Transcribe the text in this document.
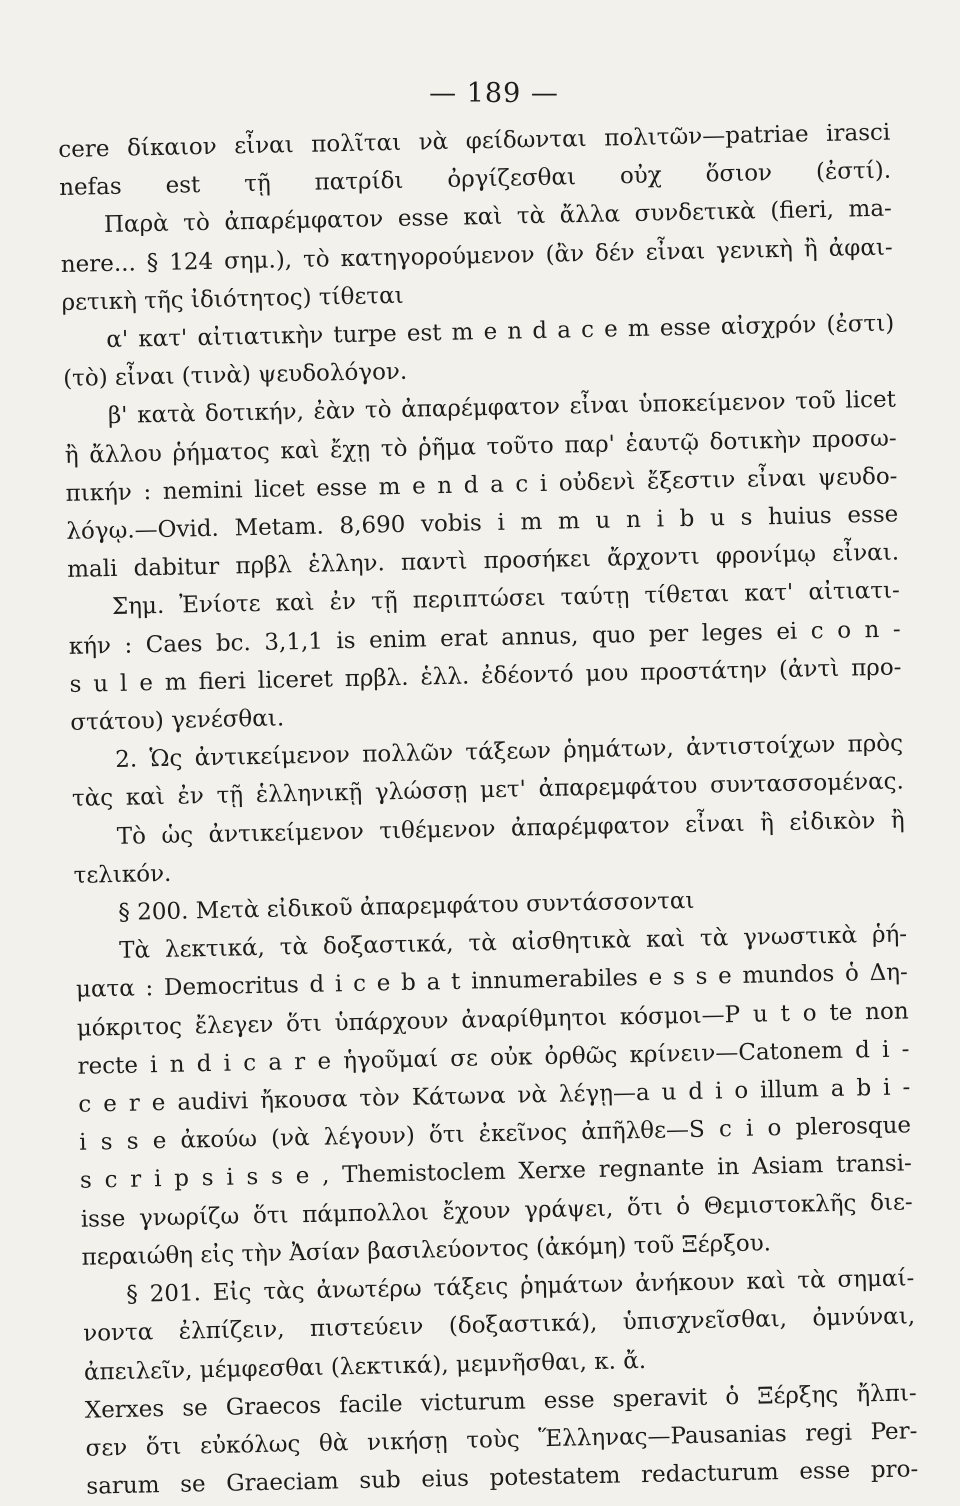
— 189 —
cere δίκαιον εἶναι πολῖται νὰ φείδωνται πολιτῶν—patriae irasci
nefas est τῇ πατρίδι ὀργίζεσθαι οὐχ ὅσιον (ἐστί).
Παρὰ τὸ ἀπαρέμφατον esse καὶ τὰ ἄλλα συνδετικὰ (fieri, ma-
nere... § 124 σημ.), τὸ κατηγορούμενον (ἂν δέν εἶναι γενικὴ ἢ ἀφαι-
ρετικὴ τῆς ἰδιότητος) τίθεται
α' κατ' αἰτιατικὴν turpe est m e n d a c e m esse αἰσχρόν (ἐστι)
(τὸ) εἶναι (τινὰ) ψευδολόγον.
β' κατὰ δοτικήν, ἐὰν τὸ ἀπαρέμφατον εἶναι ὑποκείμενον τοῦ licet
ἢ ἄλλου ῥήματος καὶ ἔχῃ τὸ ῥῆμα τοῦτο παρ' ἑαυτῷ δοτικὴν προσω-
πικήν : nemini licet esse m e n d a c i οὐδενὶ ἔξεστιν εἶναι ψευδο-
λόγῳ.—Ovid. Metam. 8,690 vobis i m m u n i b u s huius esse
mali dabitur πρβλ ἑλλην. παντὶ προσήκει ἄρχοντι φρονίμῳ εἶναι.
Σημ. Ἐνίοτε καὶ ἐν τῇ περιπτώσει ταύτῃ τίθεται κατ' αἰτιατι-
κήν : Caes bc. 3,1,1 is enim erat annus, quo per leges ei c o n -
s u l e m fieri liceret πρβλ. ἑλλ. ἐδέοντό μου προστάτην (ἀντὶ προ-
στάτου) γενέσθαι.
2. Ὡς ἀντικείμενον πολλῶν τάξεων ῥημάτων, ἀντιστοίχων πρὸς
τὰς καὶ ἐν τῇ ἑλληνικῇ γλώσσῃ μετ' ἀπαρεμφάτου συντασσομένας.
Τὸ ὡς ἀντικείμενον τιθέμενον ἀπαρέμφατον εἶναι ἢ εἰδικὸν ἢ
τελικόν.
§ 200. Μετὰ εἰδικοῦ ἀπαρεμφάτου συντάσσονται
Τὰ λεκτικά, τὰ δοξαστικά, τὰ αἰσθητικὰ καὶ τὰ γνωστικὰ ῥή-
ματα : Democritus d i c e b a t innumerabiles e s s e mundos ὁ Δη-
μόκριτος ἔλεγεν ὅτι ὑπάρχουν ἀναρίθμητοι κόσμοι—P u t o te non
recte i n d i c a r e ἡγοῦμαί σε οὐκ ὀρθῶς κρίνειν—Catonem d i -
c e r e audivi ἤκουσα τὸν Κάτωνα νὰ λέγῃ—a u d i o illum a b i -
i s s e ἀκούω (νὰ λέγουν) ὅτι ἐκεῖνος ἀπῆλθε—S c i o plerosque
s c r i p s i s s e , Themistoclem Xerxe regnante in Asiam transi-
isse γνωρίζω ὅτι πάμπολλοι ἔχουν γράψει, ὅτι ὁ Θεμιστοκλῆς διε-
περαιώθη εἰς τὴν Ἀσίαν βασιλεύοντος (ἀκόμη) τοῦ Ξέρξου.
§ 201. Εἰς τὰς ἀνωτέρω τάξεις ῥημάτων ἀνήκουν καὶ τὰ σημαί-
νοντα ἐλπίζειν, πιστεύειν (δοξαστικά), ὑπισχνεῖσθαι, ὀμνύναι,
ἀπειλεῖν, μέμφεσθαι (λεκτικά), μεμνῆσθαι, κ. ἄ.
Xerxes se Graecos facile victurum esse speravit ὁ Ξέρξης ἤλπι-
σεν ὅτι εὐκόλως θὰ νικήσῃ τοὺς Ἕλληνας—Pausanias regi Per-
sarum se Graeciam sub eius potestatem redacturum esse pro-
